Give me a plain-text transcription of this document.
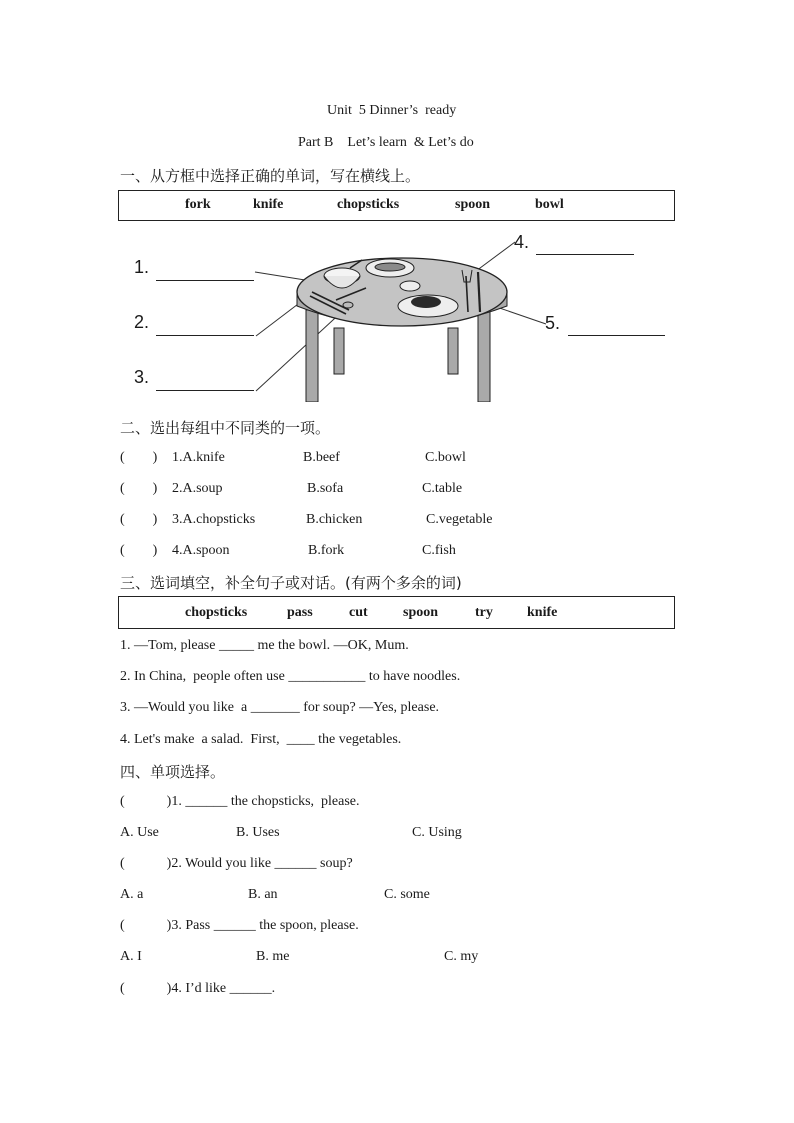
Unit  5 Dinner’s  ready
Part B    Let’s learn  & Let’s do
一、从方框中选择正确的单词，写在横线上。
fork	knife	chopsticks	spoon	bowl
1.
2.
3.
4.
5.
二、选出每组中不同类的一项。
(        ) 1.A.knife	B.beef	C.bowl
(        ) 2.A.soup	B.sofa	C.table
(        ) 3.A.chopsticks	B.chicken	C.vegetable
(        ) 4.A.spoon	B.fork	C.fish
三、选词填空，补全句子或对话。(有两个多余的词)
chopsticks	pass	cut	spoon	try knife
1. —Tom, please _____ me the bowl. —OK, Mum.
2. In China,  people often use ___________ to have noodles.
3. —Would you like  a _______ for soup? —Yes, please.
4. Let's make  a salad.  First,  ____ the vegetables.
四、单项选择。
(            )1. ______ the chopsticks,  please.
A. Use	B. Uses	C. Using
(            )2. Would you like ______ soup?
A. a	B. an	C. some
(            )3. Pass ______ the spoon, please.
A. I	B. me	C. my
(            )4. I’d like ______.
